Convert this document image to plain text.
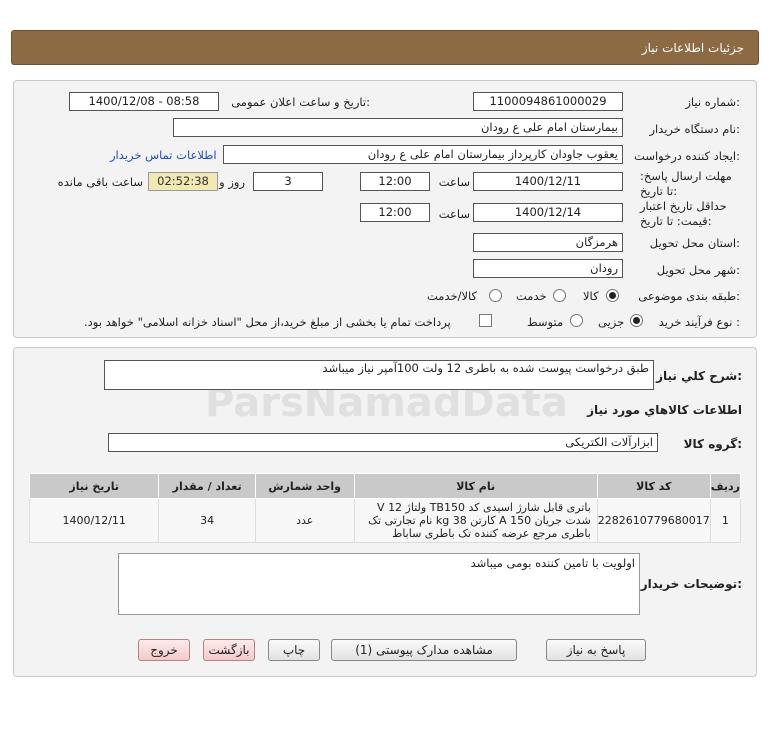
جزئیات اطلاعات نیاز
شماره نیاز:
1100094861000029
تاریخ و ساعت اعلان عمومی:
1400/12/08 - 08:58
نام دستگاه خریدار:
بیمارستان امام علی ع رودان
ایجاد کننده درخواست:
یعقوب جاودان کارپرداز بیمارستان امام علی ع رودان
اطلاعات تماس خریدار
مهلت ارسال پاسخ: تا تاریخ:
1400/12/11
ساعت
12:00
3
روز و
02:52:38
ساعت باقی مانده
حداقل تاریخ اعتبار قیمت: تا تاریخ:
1400/12/14
ساعت
12:00
استان محل تحویل:
هرمزگان
شهر محل تحویل:
رودان
طبقه بندی موضوعی:
کالا
خدمت
کالا/خدمت
نوع فرآیند خرید :
جزیی
متوسط
پرداخت تمام یا بخشی از مبلغ خرید،از محل "اسناد خزانه اسلامی" خواهد بود.
شرح کلي نياز:
طبق درخواست پیوست شده به باطری 12 ولت 100آمپر نیاز میباشد
اطلاعات کالاهاي مورد نياز
گروه کالا:
ابزارآلات الکتریکی
ردیف	کد کالا	نام کالا	واحد شمارش	تعداد / مقدار	تاریخ نیاز
1	2282610779680017	باتری قابل شارژ اسیدی کد TB150 ولتاژ 12 V شدت جریان 150 A کارتن 38 kg نام تجارتی تک باطری مرجع عرضه کننده تک باطری ساباط	عدد	34	1400/12/11
توضیحات خریدار:
اولویت با تامین کننده بومی میباشد
پاسخ به نیاز
مشاهده مدارک پیوستی (1)
چاپ
بازگشت
خروج
